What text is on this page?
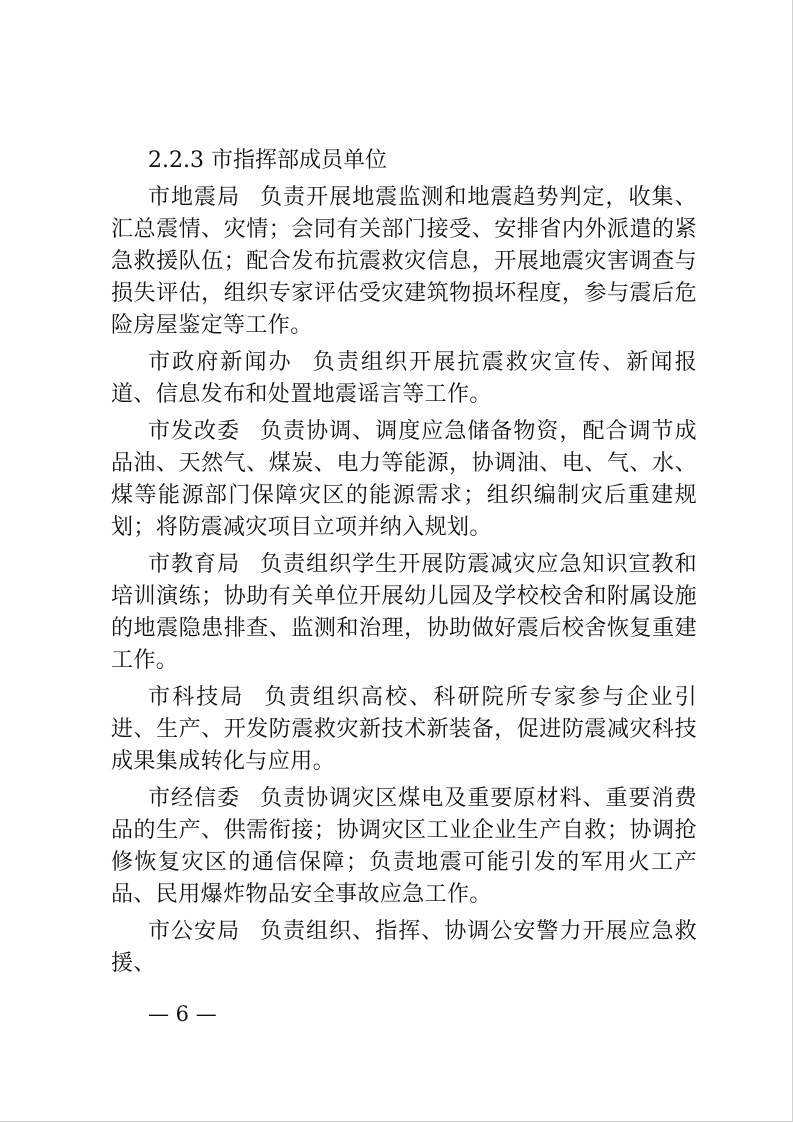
2.2.3 市指挥部成员单位

市地震局 负责开展地震监测和地震趋势判定，收集、汇总震情、灾情；会同有关部门接受、安排省内外派遣的紧急救援队伍；配合发布抗震救灾信息，开展地震灾害调查与损失评估，组织专家评估受灾建筑物损坏程度，参与震后危险房屋鉴定等工作。

市政府新闻办 负责组织开展抗震救灾宣传、新闻报道、信息发布和处置地震谣言等工作。

市发改委 负责协调、调度应急储备物资，配合调节成品油、天然气、煤炭、电力等能源，协调油、电、气、水、煤等能源部门保障灾区的能源需求；组织编制灾后重建规划；将防震减灾项目立项并纳入规划。

市教育局 负责组织学生开展防震减灾应急知识宣教和培训演练；协助有关单位开展幼儿园及学校校舍和附属设施的地震隐患排查、监测和治理，协助做好震后校舍恢复重建工作。

市科技局 负责组织高校、科研院所专家参与企业引进、生产、开发防震救灾新技术新装备，促进防震减灾科技成果集成转化与应用。

市经信委 负责协调灾区煤电及重要原材料、重要消费品的生产、供需衔接；协调灾区工业企业生产自救；协调抢修恢复灾区的通信保障；负责地震可能引发的军用火工产品、民用爆炸物品安全事故应急工作。

市公安局 负责组织、指挥、协调公安警力开展应急救援、

— 6 —
